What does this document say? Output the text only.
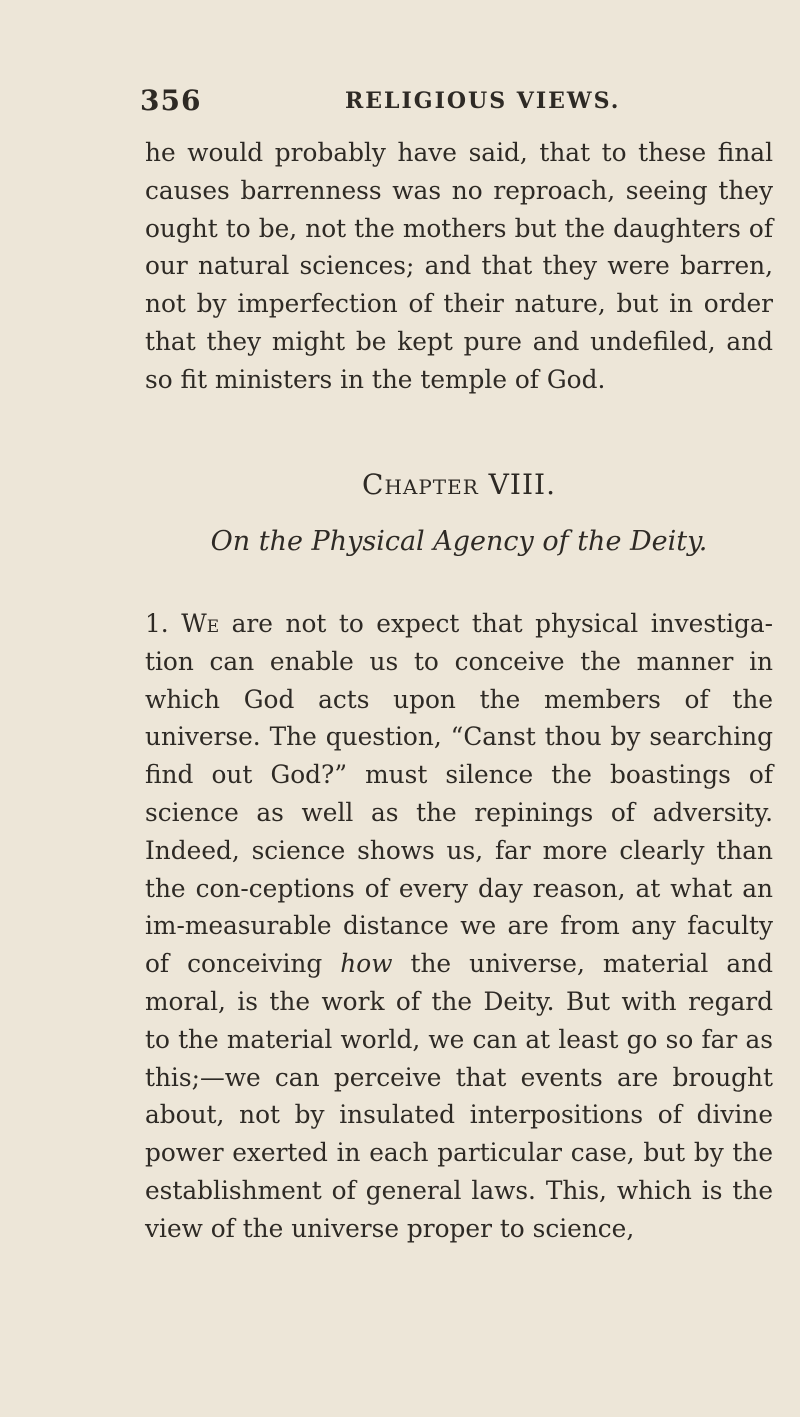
356	RELIGIOUS VIEWS.

he would probably have said, that to these final causes barrenness was no reproach, seeing they ought to be, not the mothers but the daughters of our natural sciences; and that they were barren, not by imperfection of their nature, but in order that they might be kept pure and undefiled, and so fit ministers in the temple of God.

Chapter VIII.

On the Physical Agency of the Deity.

1. We are not to expect that physical investiga-tion can enable us to conceive the manner in which God acts upon the members of the universe. The question, “Canst thou by searching find out God?” must silence the boastings of science as well as the repinings of adversity. Indeed, science shows us, far more clearly than the con-ceptions of every day reason, at what an im-measurable distance we are from any faculty of conceiving how the universe, material and moral, is the work of the Deity. But with regard to the material world, we can at least go so far as this;—we can perceive that events are brought about, not by insulated interpositions of divine power exerted in each particular case, but by the establishment of general laws. This, which is the view of the universe proper to science,
